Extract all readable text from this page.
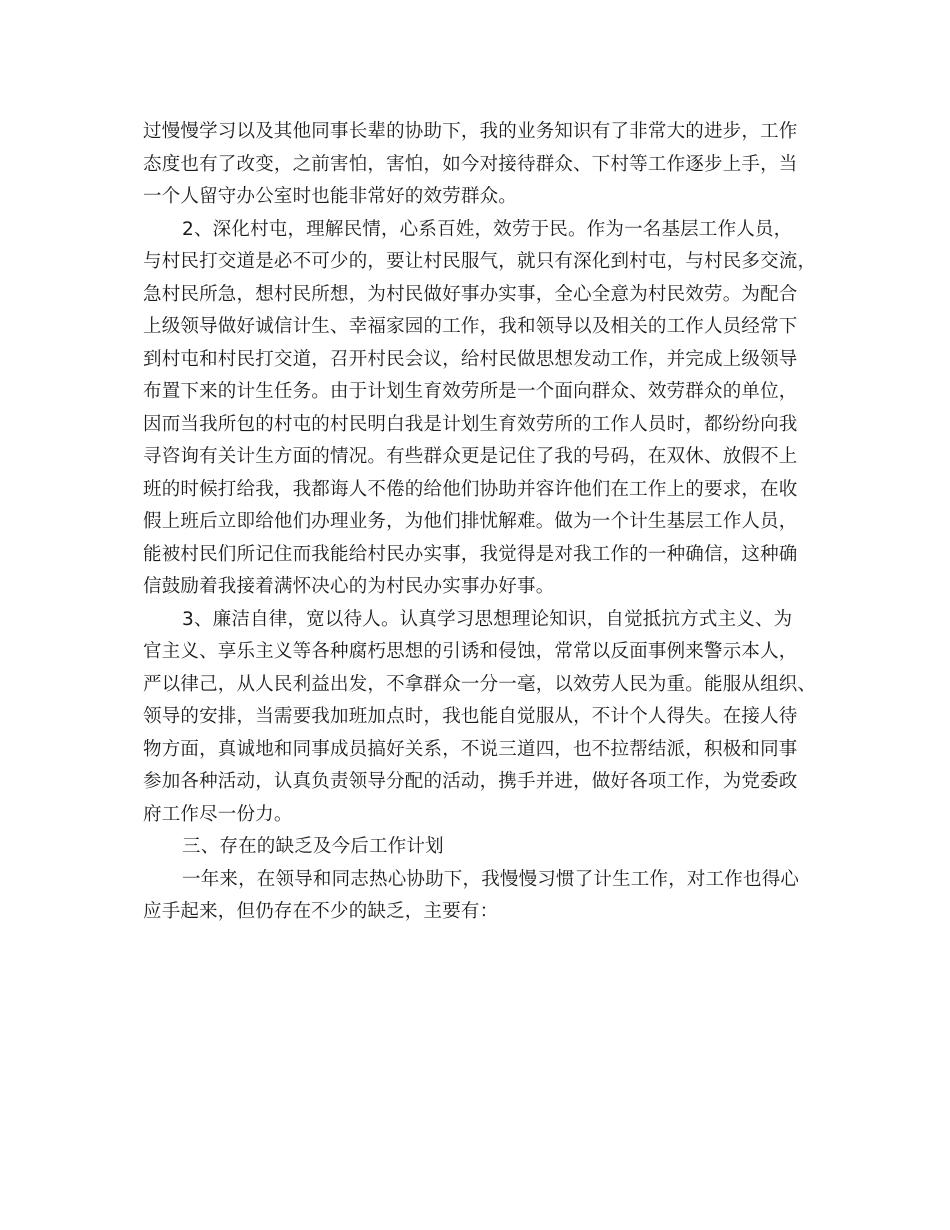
过慢慢学习以及其他同事长辈的协助下，我的业务知识有了非常大的进步，工作
态度也有了改变，之前害怕，害怕，如今对接待群众、下村等工作逐步上手，当
一个人留守办公室时也能非常好的效劳群众。
2、深化村屯，理解民情，心系百姓，效劳于民。作为一名基层工作人员，
与村民打交道是必不可少的，要让村民服气，就只有深化到村屯，与村民多交流，
急村民所急，想村民所想，为村民做好事办实事，全心全意为村民效劳。为配合
上级领导做好诚信计生、幸福家园的工作，我和领导以及相关的工作人员经常下
到村屯和村民打交道，召开村民会议，给村民做思想发动工作，并完成上级领导
布置下来的计生任务。由于计划生育效劳所是一个面向群众、效劳群众的单位，
因而当我所包的村屯的村民明白我是计划生育效劳所的工作人员时，都纷纷向我
寻咨询有关计生方面的情况。有些群众更是记住了我的号码，在双休、放假不上
班的时候打给我，我都诲人不倦的给他们协助并容许他们在工作上的要求，在收
假上班后立即给他们办理业务，为他们排忧解难。做为一个计生基层工作人员，
能被村民们所记住而我能给村民办实事，我觉得是对我工作的一种确信，这种确
信鼓励着我接着满怀决心的为村民办实事办好事。
3、廉洁自律，宽以待人。认真学习思想理论知识，自觉抵抗方式主义、为
官主义、享乐主义等各种腐朽思想的引诱和侵蚀，常常以反面事例来警示本人，
严以律己，从人民利益出发，不拿群众一分一毫，以效劳人民为重。能服从组织、
领导的安排，当需要我加班加点时，我也能自觉服从，不计个人得失。在接人待
物方面，真诚地和同事成员搞好关系，不说三道四，也不拉帮结派，积极和同事
参加各种活动，认真负责领导分配的活动，携手并进，做好各项工作，为党委政
府工作尽一份力。
三、存在的缺乏及今后工作计划
一年来，在领导和同志热心协助下，我慢慢习惯了计生工作，对工作也得心
应手起来，但仍存在不少的缺乏，主要有：
